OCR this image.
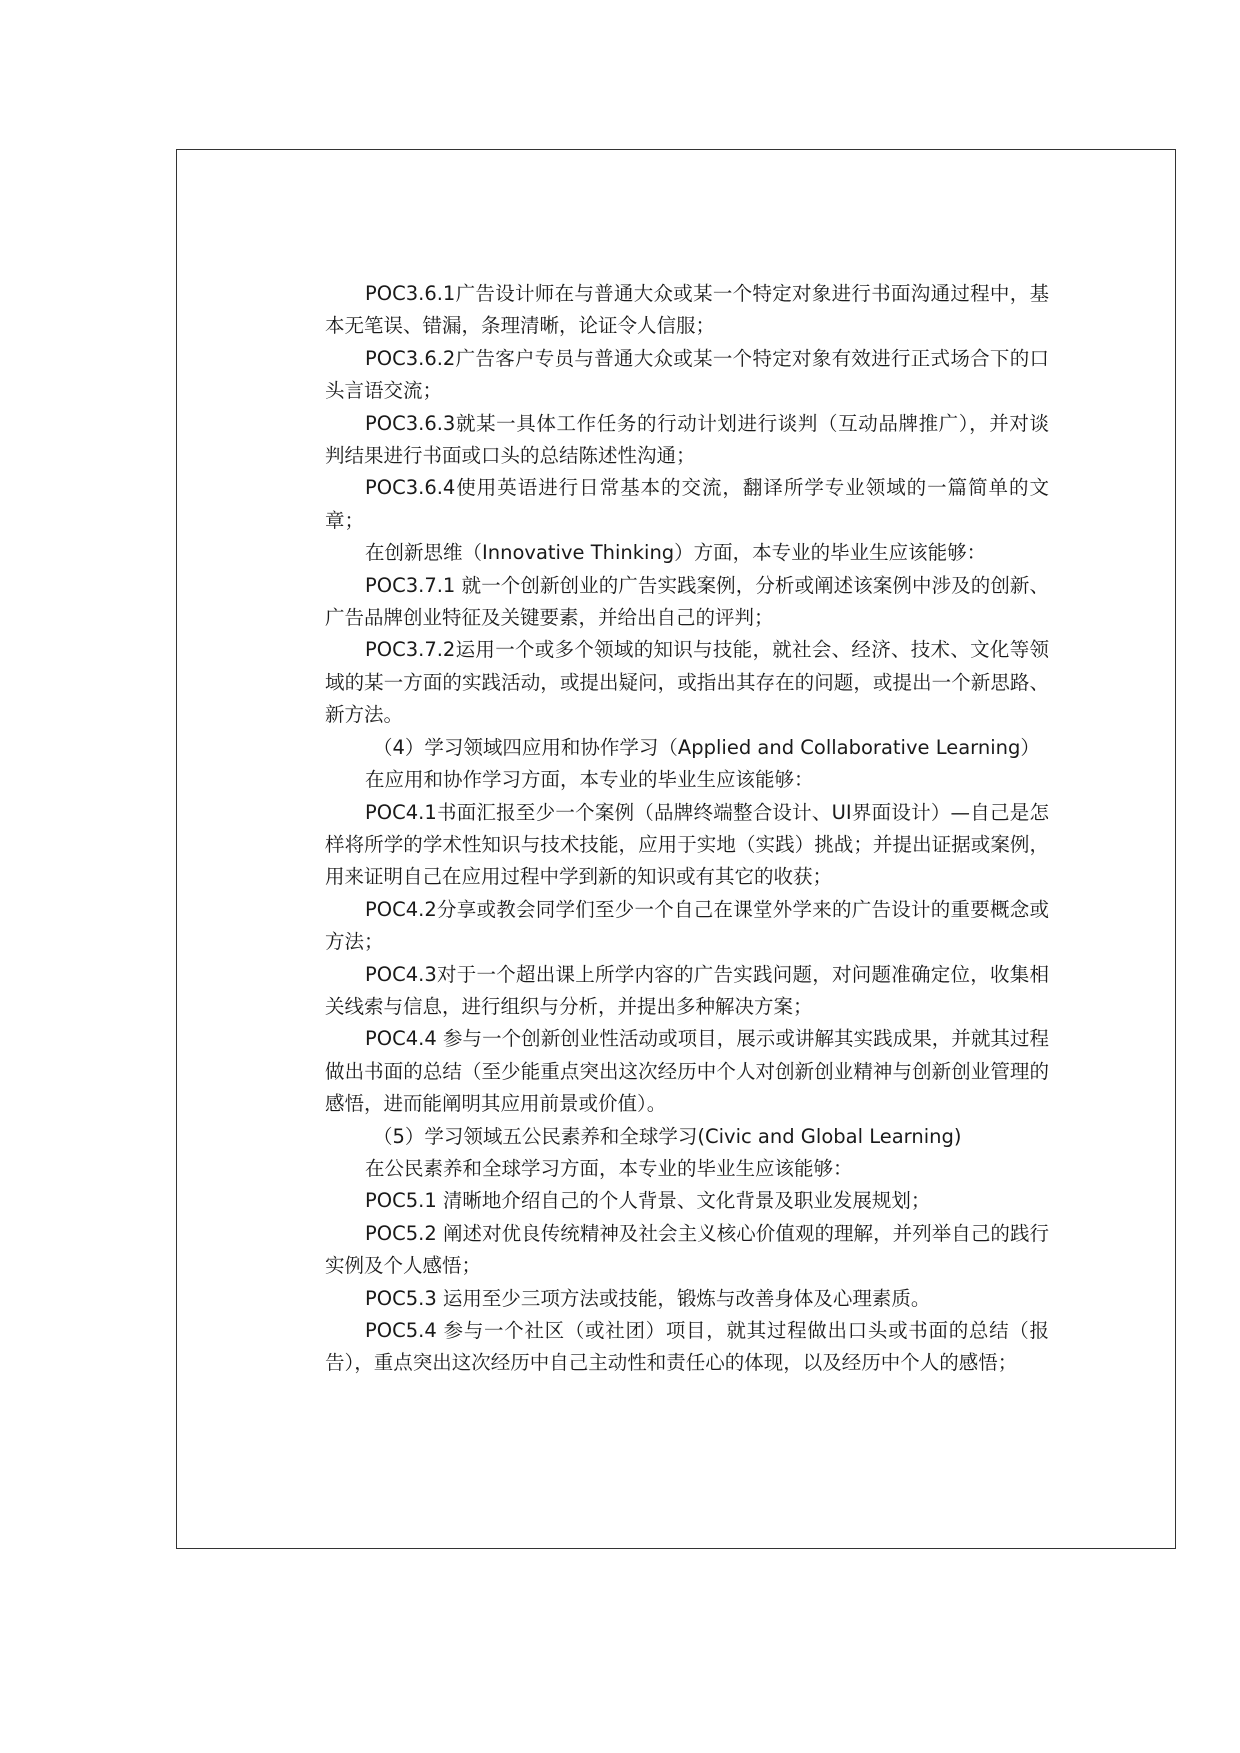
POC3.6.1广告设计师在与普通大众或某一个特定对象进行书面沟通过程中，基本无笔误、错漏，条理清晰，论证令人信服；

POC3.6.2广告客户专员与普通大众或某一个特定对象有效进行正式场合下的口头言语交流；

POC3.6.3就某一具体工作任务的行动计划进行谈判（互动品牌推广），并对谈判结果进行书面或口头的总结陈述性沟通；

POC3.6.4使用英语进行日常基本的交流，翻译所学专业领域的一篇简单的文章；

在创新思维（Innovative Thinking）方面，本专业的毕业生应该能够：

POC3.7.1 就一个创新创业的广告实践案例，分析或阐述该案例中涉及的创新、广告品牌创业特征及关键要素，并给出自己的评判；

POC3.7.2运用一个或多个领域的知识与技能，就社会、经济、技术、文化等领域的某一方面的实践活动，或提出疑问，或指出其存在的问题，或提出一个新思路、新方法。

（4）学习领域四应用和协作学习（Applied and Collaborative Learning）

在应用和协作学习方面，本专业的毕业生应该能够：

POC4.1书面汇报至少一个案例（品牌终端整合设计、UI界面设计）—自己是怎样将所学的学术性知识与技术技能，应用于实地（实践）挑战；并提出证据或案例，用来证明自己在应用过程中学到新的知识或有其它的收获；

POC4.2分享或教会同学们至少一个自己在课堂外学来的广告设计的重要概念或方法；

POC4.3对于一个超出课上所学内容的广告实践问题，对问题准确定位，收集相关线索与信息，进行组织与分析，并提出多种解决方案；

POC4.4 参与一个创新创业性活动或项目，展示或讲解其实践成果，并就其过程做出书面的总结（至少能重点突出这次经历中个人对创新创业精神与创新创业管理的感悟，进而能阐明其应用前景或价值）。

（5）学习领域五公民素养和全球学习(Civic and Global Learning)

在公民素养和全球学习方面，本专业的毕业生应该能够：

POC5.1 清晰地介绍自己的个人背景、文化背景及职业发展规划；

POC5.2 阐述对优良传统精神及社会主义核心价值观的理解，并列举自己的践行实例及个人感悟；

POC5.3 运用至少三项方法或技能，锻炼与改善身体及心理素质。

POC5.4 参与一个社区（或社团）项目，就其过程做出口头或书面的总结（报告），重点突出这次经历中自己主动性和责任心的体现，以及经历中个人的感悟；
